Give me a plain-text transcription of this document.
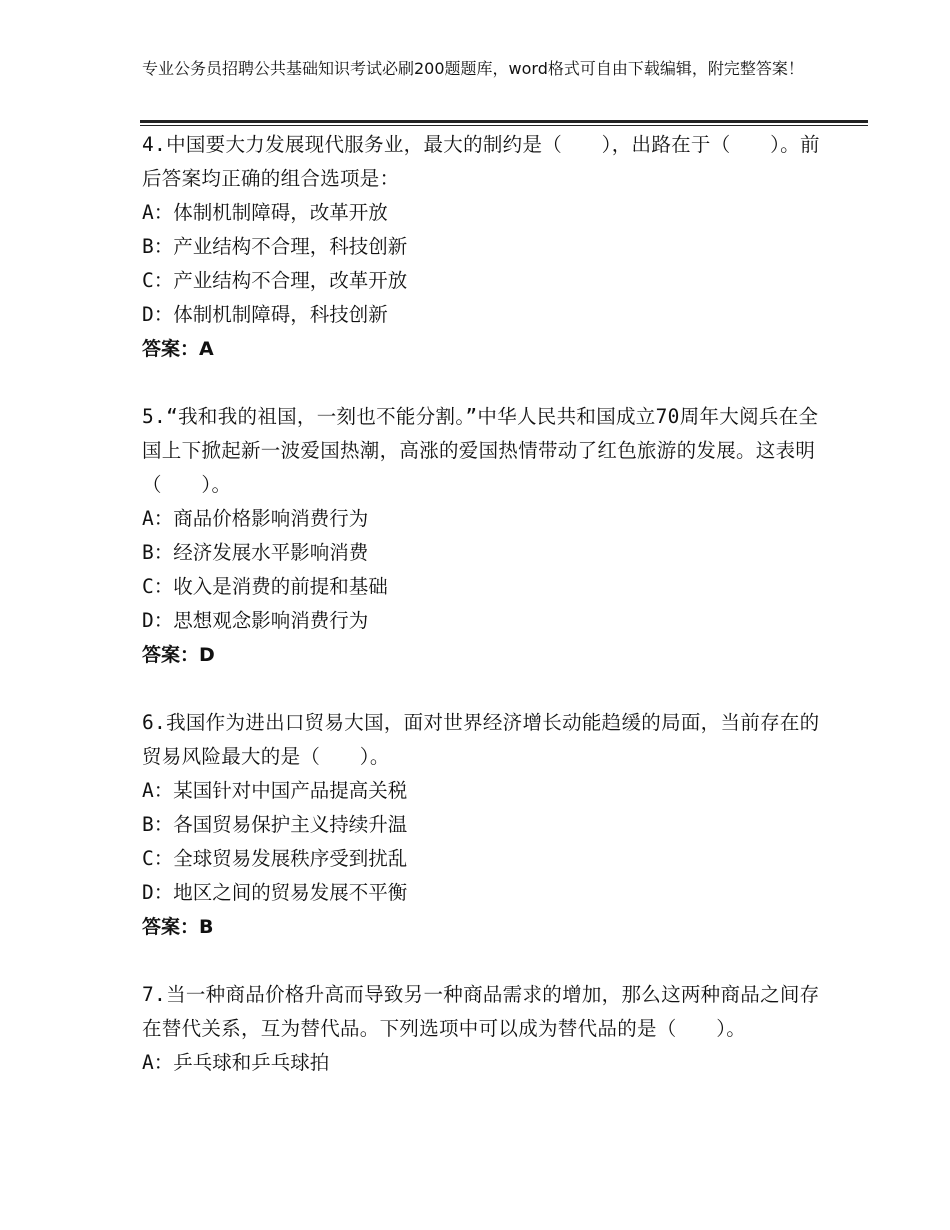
专业公务员招聘公共基础知识考试必刷200题题库，word格式可自由下载编辑，附完整答案！

4.中国要大力发展现代服务业，最大的制约是（　　），出路在于（　　）。前后答案均正确的组合选项是：

A：体制机制障碍，改革开放

B：产业结构不合理，科技创新

C：产业结构不合理，改革开放

D：体制机制障碍，科技创新

答案：A

5.“我和我的祖国，一刻也不能分割。”中华人民共和国成立70周年大阅兵在全国上下掀起新一波爱国热潮，高涨的爱国热情带动了红色旅游的发展。这表明（　　）。

A：商品价格影响消费行为

B：经济发展水平影响消费

C：收入是消费的前提和基础

D：思想观念影响消费行为

答案：D

6.我国作为进出口贸易大国，面对世界经济增长动能趋缓的局面，当前存在的贸易风险最大的是（　　）。

A：某国针对中国产品提高关税

B：各国贸易保护主义持续升温

C：全球贸易发展秩序受到扰乱

D：地区之间的贸易发展不平衡

答案：B

7.当一种商品价格升高而导致另一种商品需求的增加，那么这两种商品之间存在替代关系，互为替代品。下列选项中可以成为替代品的是（　　）。

A：乒乓球和乒乓球拍
